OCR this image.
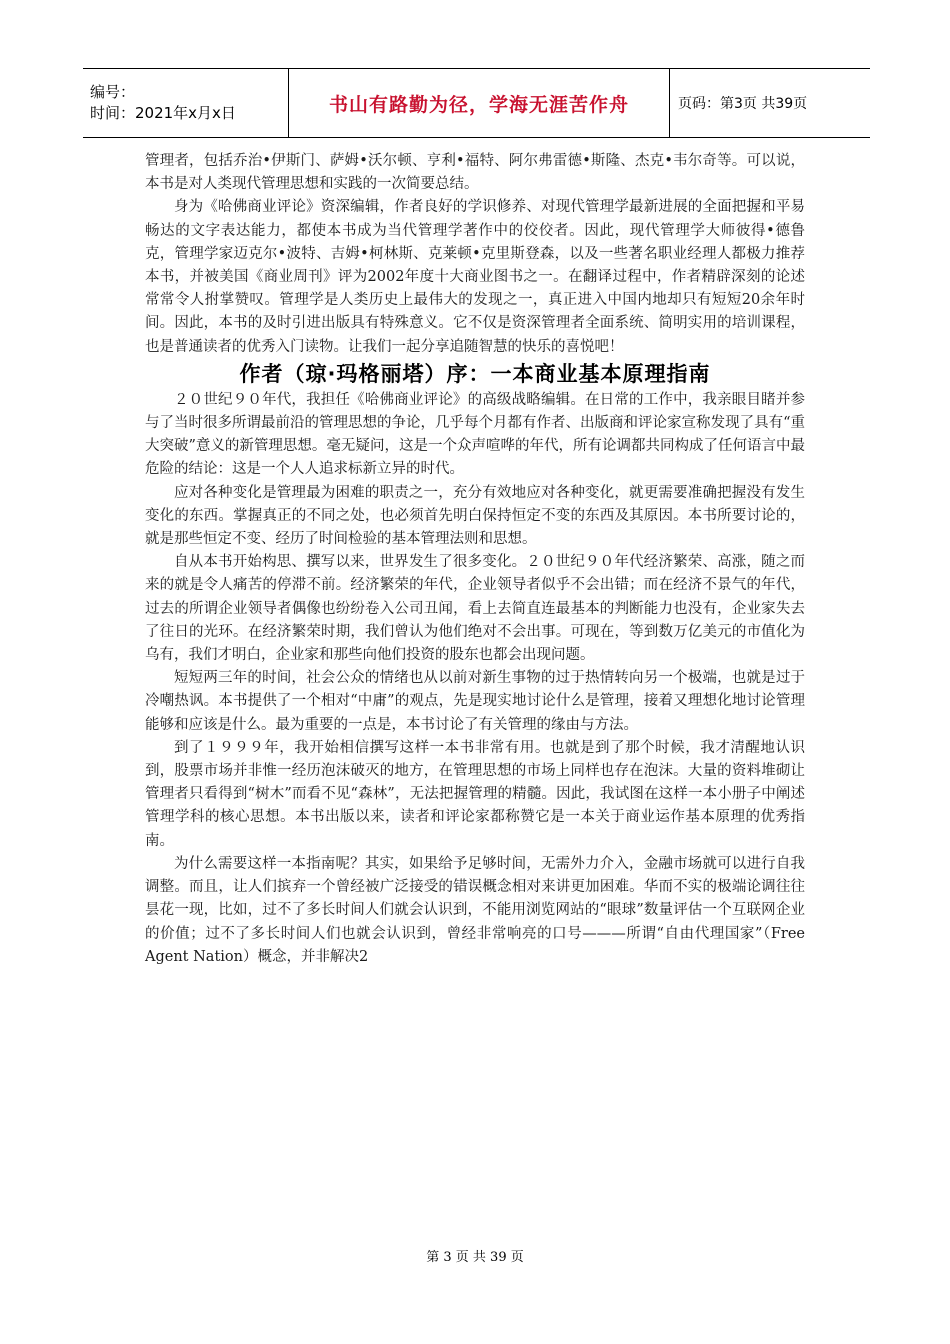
编号：
时间：2021年x月x日	书山有路勤为径，学海无涯苦作舟	页码：第3页 共39页

管理者，包括乔治•伊斯门、萨姆•沃尔顿、亨利•福特、阿尔弗雷德•斯隆、杰克•韦尔奇等。可以说，本书是对人类现代管理思想和实践的一次简要总结。

身为《哈佛商业评论》资深编辑，作者良好的学识修养、对现代管理学最新进展的全面把握和平易畅达的文字表达能力，都使本书成为当代管理学著作中的佼佼者。因此，现代管理学大师彼得•德鲁克，管理学家迈克尔•波特、吉姆•柯林斯、克莱顿•克里斯登森，以及一些著名职业经理人都极力推荐本书，并被美国《商业周刊》评为2002年度十大商业图书之一。在翻译过程中，作者精辟深刻的论述常常令人拊掌赞叹。管理学是人类历史上最伟大的发现之一，真正进入中国内地却只有短短20余年时间。因此，本书的及时引进出版具有特殊意义。它不仅是资深管理者全面系统、简明实用的培训课程，也是普通读者的优秀入门读物。让我们一起分享追随智慧的快乐的喜悦吧！

作者（琼·玛格丽塔）序：一本商业基本原理指南

２０世纪９０年代，我担任《哈佛商业评论》的高级战略编辑。在日常的工作中，我亲眼目睹并参与了当时很多所谓最前沿的管理思想的争论，几乎每个月都有作者、出版商和评论家宣称发现了具有“重大突破”意义的新管理思想。毫无疑问，这是一个众声喧哗的年代，所有论调都共同构成了任何语言中最危险的结论：这是一个人人追求标新立异的时代。

应对各种变化是管理最为困难的职责之一，充分有效地应对各种变化，就更需要准确把握没有发生变化的东西。掌握真正的不同之处，也必须首先明白保持恒定不变的东西及其原因。本书所要讨论的，就是那些恒定不变、经历了时间检验的基本管理法则和思想。

自从本书开始构思、撰写以来，世界发生了很多变化。２０世纪９０年代经济繁荣、高涨，随之而来的就是令人痛苦的停滞不前。经济繁荣的年代，企业领导者似乎不会出错；而在经济不景气的年代，过去的所谓企业领导者偶像也纷纷卷入公司丑闻，看上去简直连最基本的判断能力也没有，企业家失去了往日的光环。在经济繁荣时期，我们曾认为他们绝对不会出事。可现在，等到数万亿美元的市值化为乌有，我们才明白，企业家和那些向他们投资的股东也都会出现问题。

短短两三年的时间，社会公众的情绪也从以前对新生事物的过于热情转向另一个极端，也就是过于冷嘲热讽。本书提供了一个相对“中庸”的观点，先是现实地讨论什么是管理，接着又理想化地讨论管理能够和应该是什么。最为重要的一点是，本书讨论了有关管理的缘由与方法。

到了１９９９年，我开始相信撰写这样一本书非常有用。也就是到了那个时候，我才清醒地认识到，股票市场并非惟一经历泡沫破灭的地方，在管理思想的市场上同样也存在泡沫。大量的资料堆砌让管理者只看得到“树木”而看不见“森林”，无法把握管理的精髓。因此，我试图在这样一本小册子中阐述管理学科的核心思想。本书出版以来，读者和评论家都称赞它是一本关于商业运作基本原理的优秀指南。

为什么需要这样一本指南呢？其实，如果给予足够时间，无需外力介入，金融市场就可以进行自我调整。而且，让人们摈弃一个曾经被广泛接受的错误概念相对来讲更加困难。华而不实的极端论调往往昙花一现，比如，过不了多长时间人们就会认识到，不能用浏览网站的“眼球”数量评估一个互联网企业的价值；过不了多长时间人们也就会认识到，曾经非常响亮的口号———所谓“自由代理国家”（Free Agent Nation）概念，并非解决2

第 3 页 共 39 页
